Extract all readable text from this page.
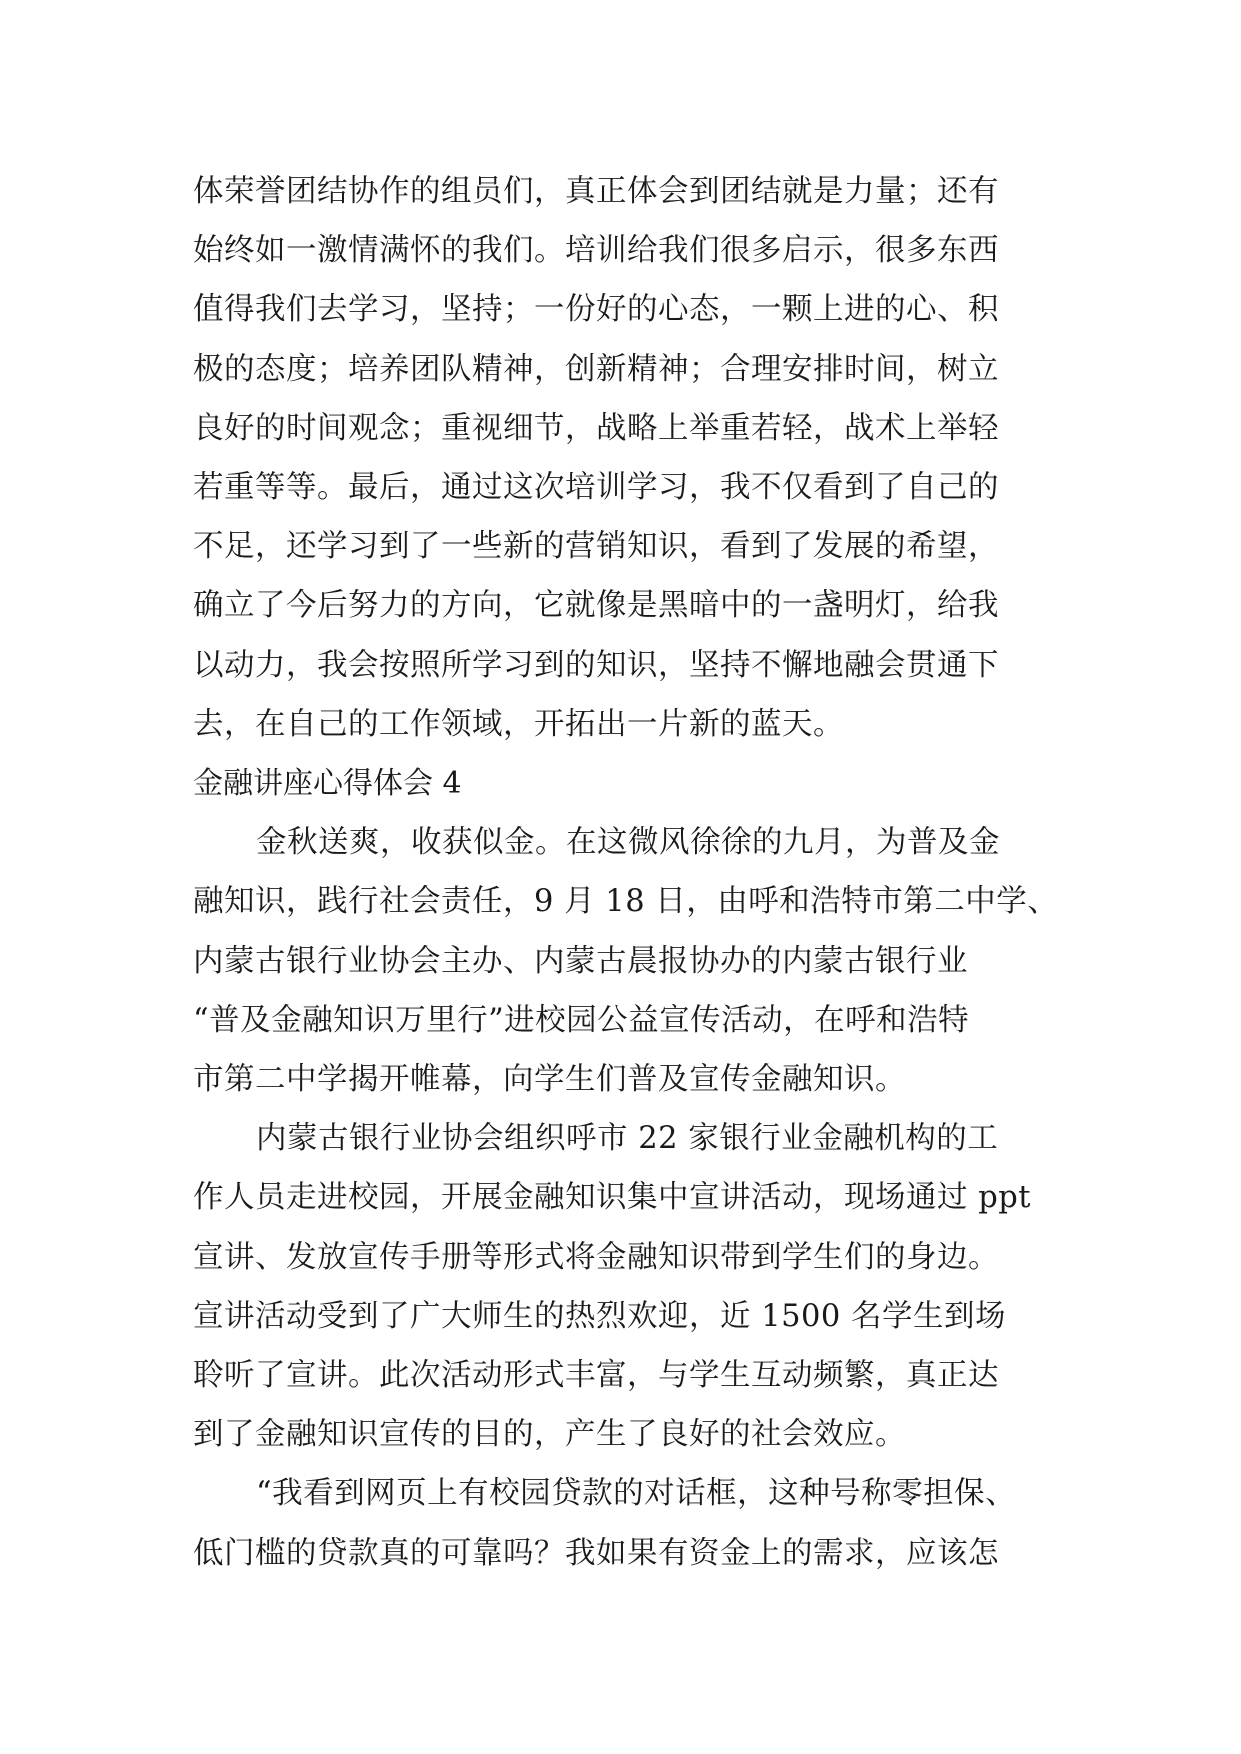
体荣誉团结协作的组员们，真正体会到团结就是力量；还有
始终如一激情满怀的我们。培训给我们很多启示，很多东西
值得我们去学习，坚持；一份好的心态，一颗上进的心、积
极的态度；培养团队精神，创新精神；合理安排时间，树立
良好的时间观念；重视细节，战略上举重若轻，战术上举轻
若重等等。最后，通过这次培训学习，我不仅看到了自己的
不足，还学习到了一些新的营销知识，看到了发展的希望，
确立了今后努力的方向，它就像是黑暗中的一盏明灯，给我
以动力，我会按照所学习到的知识，坚持不懈地融会贯通下
去，在自己的工作领域，开拓出一片新的蓝天。
金融讲座心得体会 4
金秋送爽，收获似金。在这微风徐徐的九月，为普及金
融知识，践行社会责任，9 月 18 日，由呼和浩特市第二中学、
内蒙古银行业协会主办、内蒙古晨报协办的内蒙古银行业
“普及金融知识万里行”进校园公益宣传活动，在呼和浩特
市第二中学揭开帷幕，向学生们普及宣传金融知识。
内蒙古银行业协会组织呼市 22 家银行业金融机构的工
作人员走进校园，开展金融知识集中宣讲活动，现场通过 ppt
宣讲、发放宣传手册等形式将金融知识带到学生们的身边。
宣讲活动受到了广大师生的热烈欢迎，近 1500 名学生到场
聆听了宣讲。此次活动形式丰富，与学生互动频繁，真正达
到了金融知识宣传的目的，产生了良好的社会效应。
“我看到网页上有校园贷款的对话框，这种号称零担保、
低门槛的贷款真的可靠吗？我如果有资金上的需求，应该怎
